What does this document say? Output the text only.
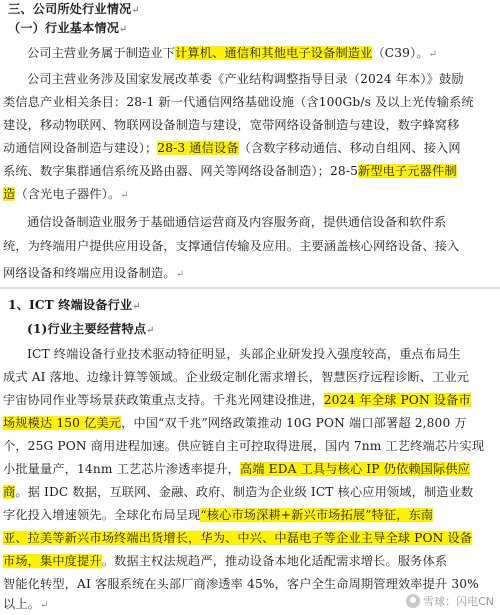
三、公司所处行业情况↵
（一）行业基本情况↵
公司主营业务属于制造业下计算机、通信和其他电子设备制造业（C39）。↵
公司主营业务涉及国家发展改革委《产业结构调整指导目录（2024 年本）》鼓励
类信息产业相关条目：28-1 新一代通信网络基础设施（含100Gb/s 及以上光传输系统
建设，移动物联网、物联网设备制造与建设，宽带网络设备制造与建设，数字蜂窝移
动通信网设备制造与建设）；28-3 通信设备（含数字移动通信、移动自组网、接入网
系统、数字集群通信系统及路由器、网关等网络设备制造）；28-5新型电子元器件制
造（含光电子器件）。↵
通信设备制造业服务于基础通信运营商及内容服务商，提供通信设备和软件系
统，为终端用户提供应用设备，支撑通信传输及应用。主要涵盖核心网络设备、接入
网络设备和终端应用设备制造。↵
1、ICT 终端设备行业↵
(1)行业主要经营特点↵
ICT 终端设备行业技术驱动特征明显，头部企业研发投入强度较高，重点布局生
成式 AI 落地、边缘计算等领域。企业级定制化需求增长，智慧医疗远程诊断、工业元
宇宙协同作业等场景获政策重点支持。千兆光网建设推进，2024 年全球 PON 设备市
场规模达 150 亿美元，中国“双千兆”网络政策推动 10G PON 端口部署超 2,800 万
个，25G PON 商用进程加速。供应链自主可控取得进展，国内 7nm 工艺终端芯片实现
小批量量产，14nm 工艺芯片渗透率提升，高端 EDA 工具与核心 IP 仍依赖国际供应
商。据 IDC 数据，互联网、金融、政府、制造为企业级 ICT 核心应用领域，制造业数
字化投入增速领先。全球化布局呈现“核心市场深耕+新兴市场拓展”特征，东南
亚、拉美等新兴市场终端出货增长，华为、中兴、中磊电子等企业主导全球 PON 设备
市场，集中度提升。数据主权法规趋严，推动设备本地化适配需求增长。服务体系
智能化转型，AI 客服系统在头部厂商渗透率 45%，客户全生命周期管理效率提升 30%
以上。↵	雪球：闪电CN
